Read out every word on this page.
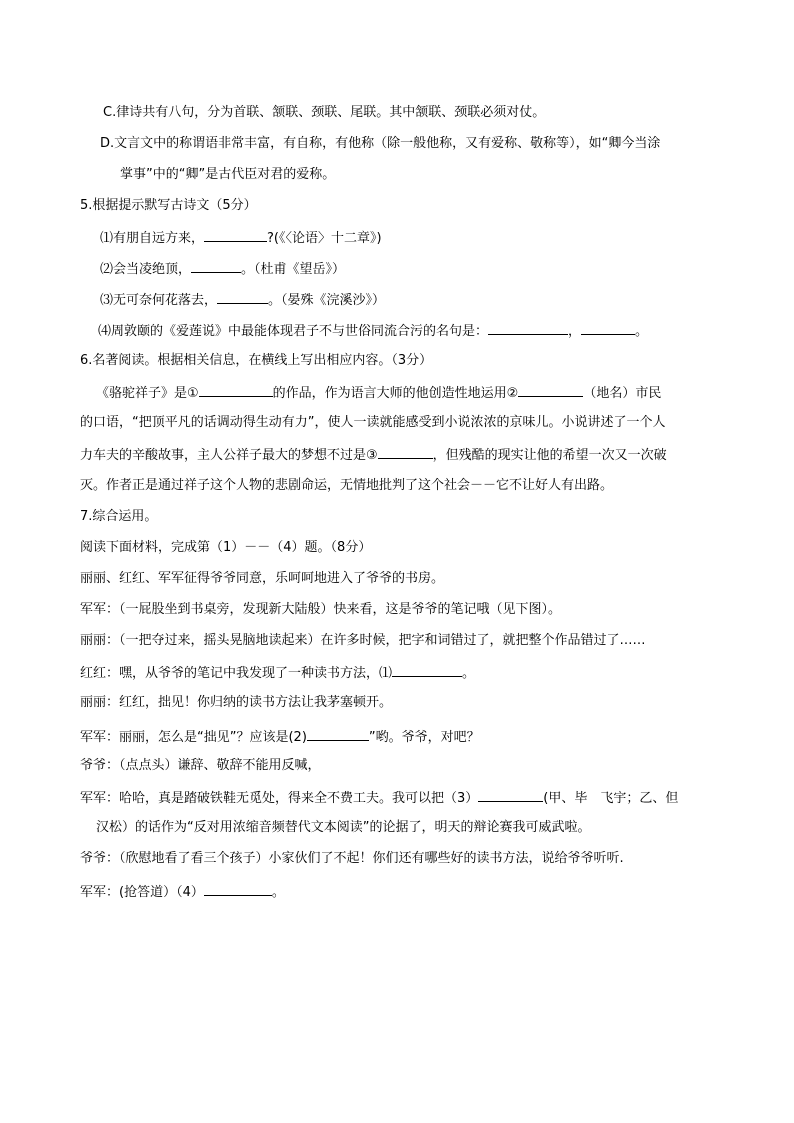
C.律诗共有八句，分为首联、颔联、颈联、尾联。其中颔联、颈联必须对仗。
D.文言文中的称谓语非常丰富，有自称，有他称（除一般他称，又有爱称、敬称等），如“卿今当涂
掌事”中的“卿”是古代臣对君的爱称。
5.根据提示默写古诗文（5分）
⑴有朋自远方来，	?(《〈论语〉十二章》)
⑵会当凌绝顶，	。（杜甫《望岳》）
⑶无可奈何花落去，	。（晏殊《浣溪沙》）
⑷周敦颐的《爱莲说》中最能体现君子不与世俗同流合污的名句是：	，	。
6.名著阅读。根据相关信息，在横线上写出相应内容。（3分）
《骆驼祥子》是①	的作品，作为语言大师的他创造性地运用②	（地名）市民
的口语，“把顶平凡的话调动得生动有力”，使人一读就能感受到小说浓浓的京味儿。小说讲述了一个人
力车夫的辛酸故事，主人公祥子最大的梦想不过是③	，但残酷的现实让他的希望一次又一次破
灭。作者正是通过祥子这个人物的悲剧命运，无情地批判了这个社会－－它不让好人有出路。
7.综合运用。
阅读下面材料，完成第（1）－－（4）题。（8分）
丽丽、红红、军军征得爷爷同意，乐呵呵地进入了爷爷的书房。
军军：（一屁股坐到书桌旁，发现新大陆般）快来看，这是爷爷的笔记哦（见下图）。
丽丽：（一把夺过来，摇头晃脑地读起来）在许多时候，把字和词错过了，就把整个作品错过了……
红红：嘿，从爷爷的笔记中我发现了一种读书方法，⑴	。
丽丽：红红，拙见！你归纳的读书方法让我茅塞顿开。
军军：丽丽，怎么是“拙见”？应该是(2)	”哟。爷爷，对吧？
爷爷：（点点头）谦辞、敬辞不能用反喊，
军军：哈哈，真是踏破铁鞋无觅处，得来全不费工夫。我可以把（3）	(甲、毕　飞宇；乙、但
汉松）的话作为“反对用浓缩音频替代文本阅读”的论据了，明天的辩论赛我可威武啦。
爷爷：（欣慰地看了看三个孩子）小家伙们了不起！你们还有哪些好的读书方法，说给爷爷听听.
军军：(抢答道）（4）	。
